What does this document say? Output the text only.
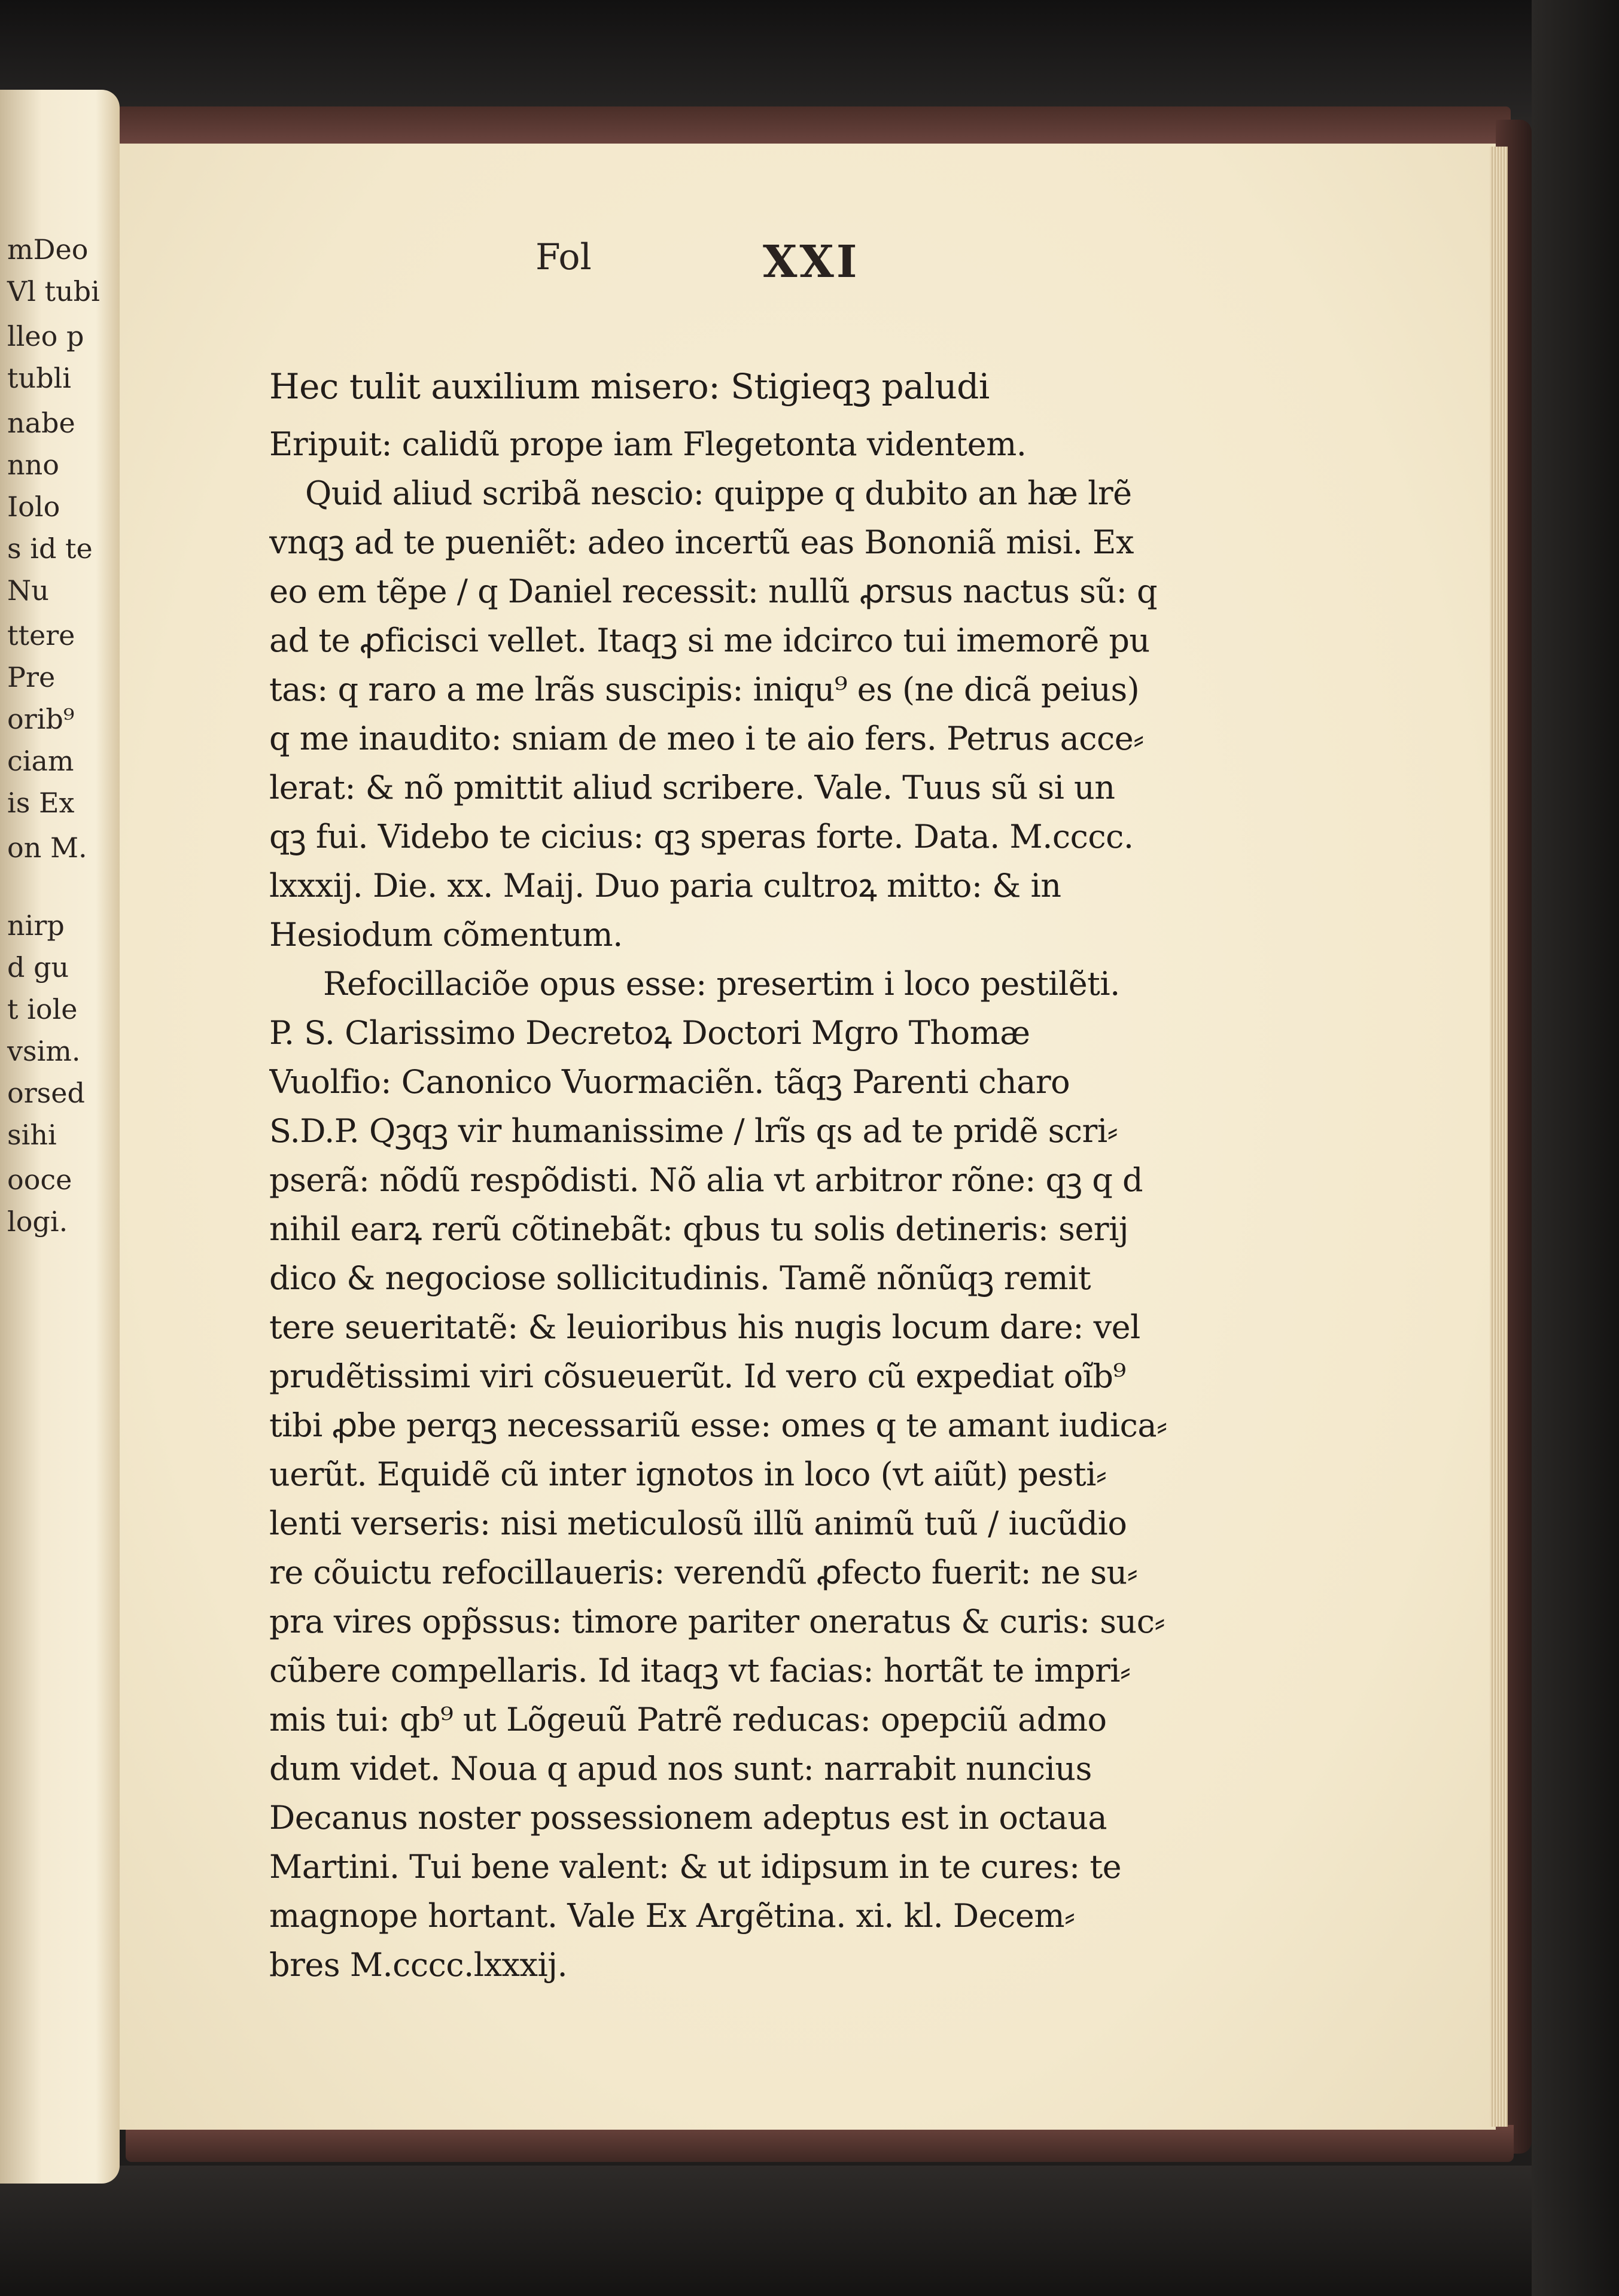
mDeo
Vl tubi
lleo p
tubli
nabe
nno
Iolo
s id te
Nu
ttere
Pre
orib⁹
ciam
is Ex
on M.
nirp
d gu
t iole
vsim.
orsed
sihi
ooce
logi.
Fol	XXI
Hec tulit auxilium misero: Stigieqꝫ paludi
Eripuit: calidũ prope iam Flegetonta videntem.
Quid aliud scribã nescio: quippe q dubito an hæ lrẽ
vnqꝫ ad te pueniẽt: adeo incertũ eas Bononiã misi. Ex
eo em tẽpe / q Daniel recessit: nullũ ꝓrsus nactus sũ: q
ad te ꝓficisci vellet. Itaqꝫ si me idcirco tui imemorẽ pu
tas: q raro a me lrãs suscipis: iniqu⁹ es (ne dicã peius)
q me inaudito: sniam de meo i te aio fers. Petrus acce⸗
lerat: & nõ pmittit aliud scribere. Vale. Tuus sũ si un
qꝫ fui. Videbo te cicius: qꝫ speras forte. Data. M.cccc.
lxxxij. Die. xx. Maij. Duo paria cultroꝝ mitto: & in
Hesiodum cõmentum.
Refocillaciõe opus esse: presertim i loco pestilẽti.
P. S. Clarissimo Decretoꝝ Doctori Mgro Thomæ
Vuolfio: Canonico Vuormaciẽn. tãqꝫ Parenti charo
S.D.P. Qꝫqꝫ vir humanissime / lrĩs qs ad te pridẽ scri⸗
pserã: nõdũ respõdisti. Nõ alia vt arbitror rõne: qꝫ q d
nihil earꝝ rerũ cõtinebãt: qbus tu solis detineris: serij
dico & negociose sollicitudinis. Tamẽ nõnũqꝫ remit
tere seueritatẽ: & leuioribus his nugis locum dare: vel
prudẽtissimi viri cõsueuerũt. Id vero cũ expediat oĩb⁹
tibi ꝓbe perqꝫ necessariũ esse: omes q te amant iudica⸗
uerũt. Equidẽ cũ inter ignotos in loco (vt aiũt) pesti⸗
lenti verseris: nisi meticulosũ illũ animũ tuũ / iucũdio
re cõuictu refocillaueris: verendũ ꝓfecto fuerit: ne su⸗
pra vires opp̃ssus: timore pariter oneratus & curis: suc⸗
cũbere compellaris. Id itaqꝫ vt facias: hortãt te impri⸗
mis tui: qb⁹ ut Lõgeuũ Patrẽ reducas: opepciũ admo
dum videt. Noua q apud nos sunt: narrabit nuncius
Decanus noster possessionem adeptus est in octaua
Martini. Tui bene valent: & ut idipsum in te cures: te
magnope hortant. Vale Ex Argẽtina. xi. kl. Decem⸗
bres M.cccc.lxxxij.
